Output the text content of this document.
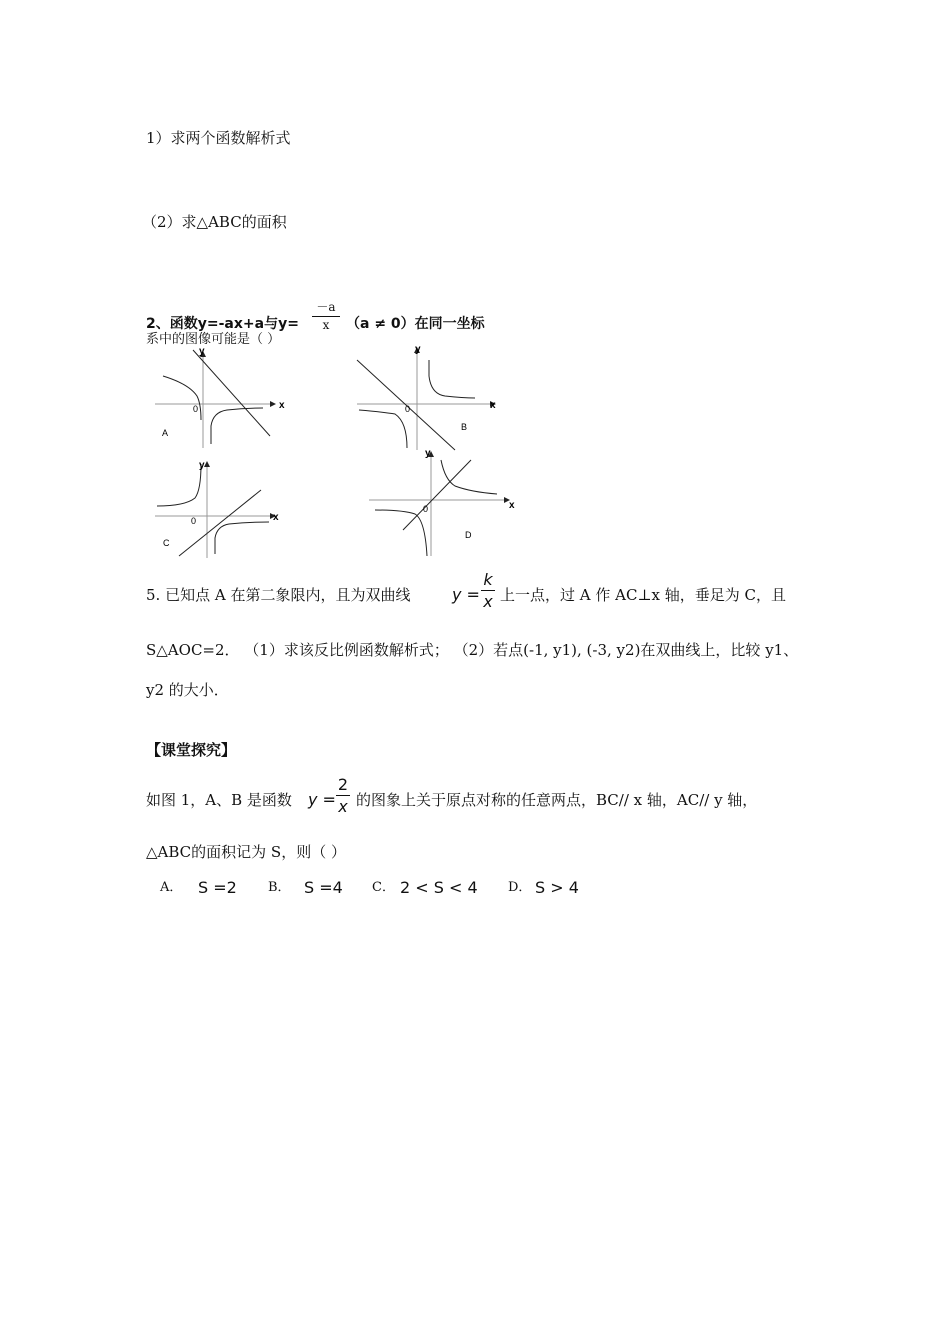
1）求两个函数解析式
（2）求△ABC的面积
2、函数y=-ax+a与y=
－a
x	（a ≠ 0）在同一坐标
系中的图像可能是（ ）
y
x
0
A
y
x
0
B
y
x
0
C
y
x
0
D
5. 已知点 A 在第二象限内，且为双曲线	y =
k
x 上一点，过 A 作 AC⊥x 轴，垂足为 C，且
S△AOC=2． （1）求该反比例函数解析式； （2）若点(-1, y1), (-3, y2)在双曲线上，比较 y1、
y2 的大小．
【课堂探究】
如图 1，A、B 是函数 y =
2
x 的图象上关于原点对称的任意两点，BC// x 轴，AC// y 轴，
△ABC的面积记为 S，则（ ）
A． S =2 B． S =4 C． 2 < S < 4 D． S > 4
